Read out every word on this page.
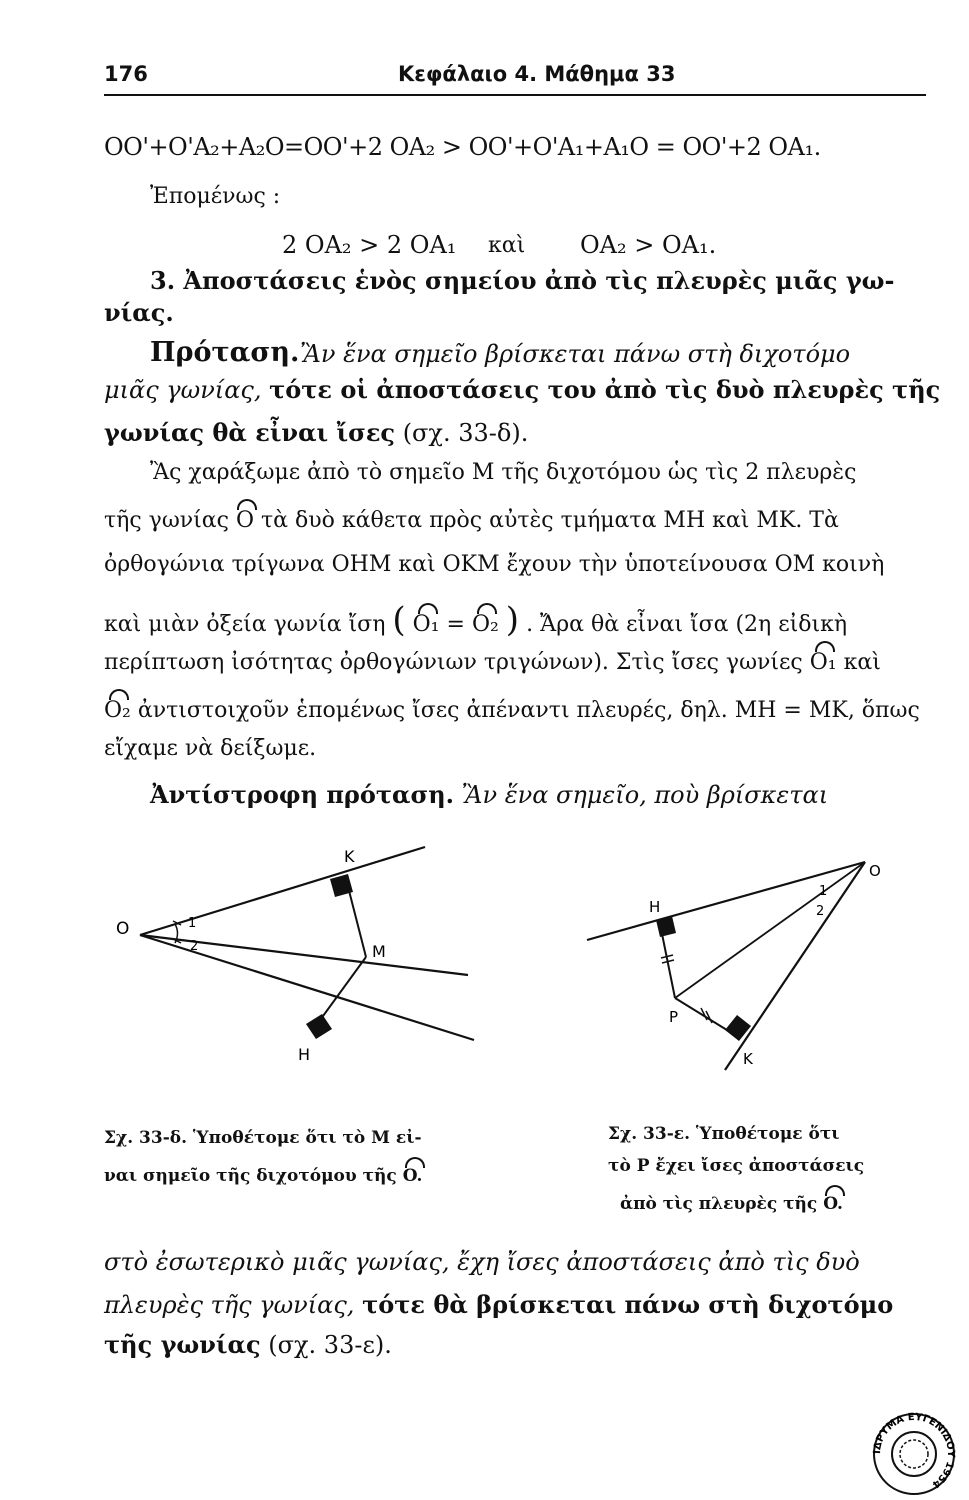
176	Κεφάλαιο 4. Μάθημα 33
OO'+O'A₂+A₂O=OO'+2 OA₂ > OO'+O'A₁+A₁O = OO'+2 OA₁.
Ἐπομένως :
2 OA₂ > 2 OA₁ καὶ OA₂ > OA₁.
3. Ἀποστάσεις ἑνὸς σημείου ἀπὸ τὶς πλευρὲς μιᾶς γω-
νίας.
Πρόταση. Ἂν ἕνα σημεῖο βρίσκεται πάνω στὴ διχοτόμο
μιᾶς γωνίας, τότε οἱ ἀποστάσεις του ἀπὸ τὶς δυὸ πλευρὲς τῆς
γωνίας θὰ εἶναι ἴσες (σχ. 33-δ).
Ἂς χαράξωμε ἀπὸ τὸ σημεῖο M τῆς διχοτόμου ὡς τὶς 2 πλευρὲς
τῆς γωνίας O τὰ δυὸ κάθετα πρὸς αὐτὲς τμήματα MH καὶ MK. Τὰ
ὀρθογώνια τρίγωνα OHM καὶ OKM ἔχουν τὴν ὑποτείνουσα OM κοινὴ
καὶ μιὰν ὀξεία γωνία ἴση ( O₁ = O₂ ) . Ἄρα θὰ εἶναι ἴσα (2η εἰδικὴ
περίπτωση ἰσότητας ὀρθογώνιων τριγώνων). Στὶς ἴσες γωνίες O₁ καὶ
O₂ ἀντιστοιχοῦν ἑπομένως ἴσες ἀπέναντι πλευρές, δηλ. MH = MK, ὅπως
εἴχαμε νὰ δείξωμε.
Ἀντίστροφη πρόταση. Ἂν ἕνα σημεῖο, ποὺ βρίσκεται
O
K
M
H
1
2
O
H
P
K
1
2
Σχ. 33-δ. Ὑποθέτομε ὅτι τὸ M εἰ-
ναι σημεῖο τῆς διχοτόμου τῆς O.
Σχ. 33-ε. Ὑποθέτομε ὅτι
τὸ P ἔχει ἴσες ἀποστάσεις
ἀπὸ τὶς πλευρὲς τῆς O.
στὸ ἐσωτερικὸ μιᾶς γωνίας, ἔχη ἴσες ἀποστάσεις ἀπὸ τὶς δυὸ
πλευρὲς τῆς γωνίας, τότε θὰ βρίσκεται πάνω στὴ διχοτόμο
τῆς γωνίας (σχ. 33-ε).
ΙΔΡΥΜΑ ΕΥΓΕΝΙΔΟΥ 1954
